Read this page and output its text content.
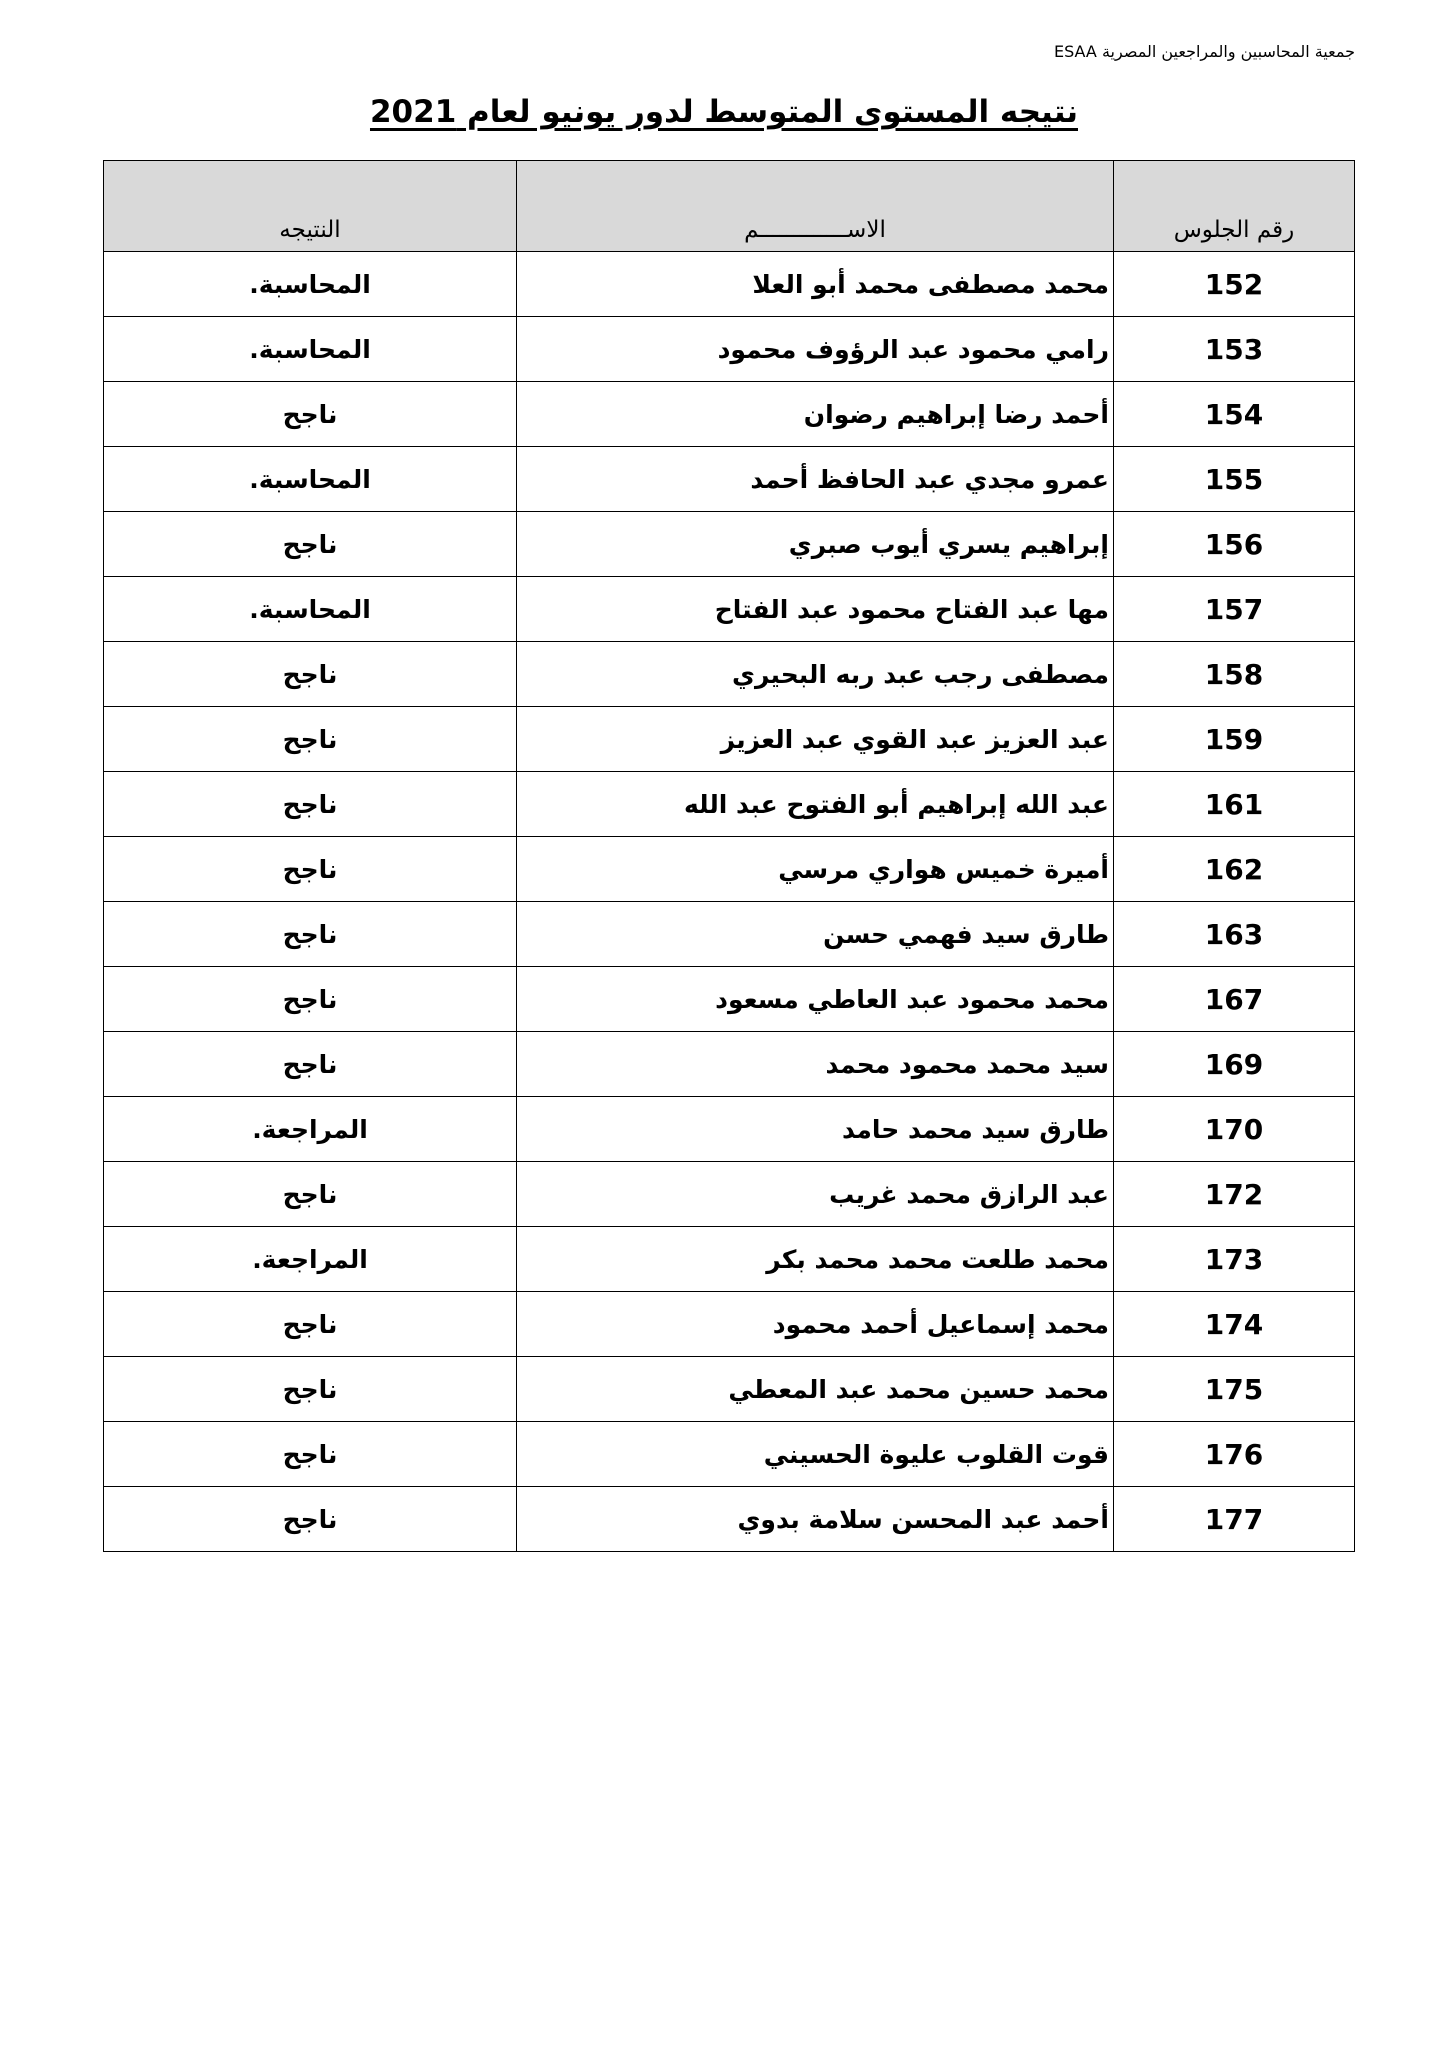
جمعية المحاسبين والمراجعين المصرية ESAA
نتيجه المستوى المتوسط لدور يونيو لعام 2021
رقم الجلوس	الاســـــــــــــم	النتيجه
152	محمد مصطفى محمد أبو العلا	المحاسبة.
153	رامي محمود عبد الرؤوف محمود	المحاسبة.
154	أحمد رضا إبراهيم رضوان	ناجح
155	عمرو مجدي عبد الحافظ أحمد	المحاسبة.
156	إبراهيم يسري أيوب صبري	ناجح
157	مها عبد الفتاح محمود عبد الفتاح	المحاسبة.
158	مصطفى رجب عبد ربه البحيري	ناجح
159	عبد العزيز عبد القوي عبد العزيز	ناجح
161	عبد الله إبراهيم أبو الفتوح عبد الله	ناجح
162	أميرة خميس هواري مرسي	ناجح
163	طارق سيد فهمي حسن	ناجح
167	محمد محمود عبد العاطي مسعود	ناجح
169	سيد محمد محمود محمد	ناجح
170	طارق سيد محمد حامد	المراجعة.
172	عبد الرازق محمد غريب	ناجح
173	محمد طلعت محمد محمد بكر	المراجعة.
174	محمد إسماعيل أحمد محمود	ناجح
175	محمد حسين محمد عبد المعطي	ناجح
176	قوت القلوب عليوة الحسيني	ناجح
177	أحمد عبد المحسن سلامة بدوي	ناجح
